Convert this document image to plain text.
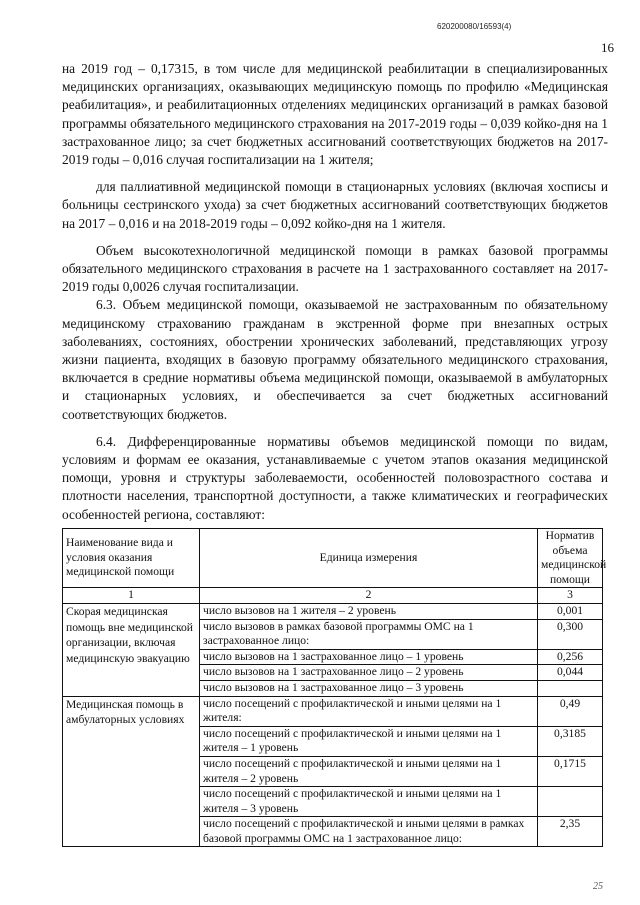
620200080/16593(4)
16

на 2019 год – 0,17315, в том числе для медицинской реабилитации в специализированных медицинских организациях, оказывающих медицинскую помощь по профилю «Медицинская реабилитация», и реабилитационных отделениях медицинских организаций в рамках базовой программы обязательного медицинского страхования на 2017-2019 годы – 0,039 койко-дня на 1 застрахованное лицо; за счет бюджетных ассигнований соответствующих бюджетов на 2017-2019 годы – 0,016 случая госпитализации на 1 жителя;

для паллиативной медицинской помощи в стационарных условиях (включая хосписы и больницы сестринского ухода) за счет бюджетных ассигнований соответствующих бюджетов на 2017 – 0,016 и на 2018-2019 годы – 0,092 койко-дня на 1 жителя.

Объем высокотехнологичной медицинской помощи в рамках базовой программы обязательного медицинского страхования в расчете на 1 застрахованного составляет на 2017-2019 годы 0,0026 случая госпитализации.

6.3. Объем медицинской помощи, оказываемой не застрахованным по обязательному медицинскому страхованию гражданам в экстренной форме при внезапных острых заболеваниях, состояниях, обострении хронических заболеваний, представляющих угрозу жизни пациента, входящих в базовую программу обязательного медицинского страхования, включается в средние нормативы объема медицинской помощи, оказываемой в амбулаторных и стационарных условиях, и обеспечивается за счет бюджетных ассигнований соответствующих бюджетов.

6.4. Дифференцированные нормативы объемов медицинской помощи по видам, условиям и формам ее оказания, устанавливаемые с учетом этапов оказания медицинской помощи, уровня и структуры заболеваемости, особенностей половозрастного состава и плотности населения, транспортной доступности, а также климатических и географических особенностей региона, составляют:

Наименование вида и условия оказания медицинской помощи	Единица измерения	Норматив объема медицинской помощи
1	2	3
Скорая медицинская помощь вне медицинской организации, включая медицинскую эвакуацию	число вызовов на 1 жителя – 2 уровень	0,001
	число вызовов в рамках базовой программы ОМС на 1 застрахованное лицо:	0,300
	число вызовов на 1 застрахованное лицо – 1 уровень	0,256
	число вызовов на 1 застрахованное лицо – 2 уровень	0,044
	число вызовов на 1 застрахованное лицо – 3 уровень	
Медицинская помощь в амбулаторных условиях	число посещений с профилактической и иными целями на 1 жителя:	0,49
	число посещений с профилактической и иными целями на 1 жителя – 1 уровень	0,3185
	число посещений с профилактической и иными целями на 1 жителя – 2 уровень	0,1715
	число посещений с профилактической и иными целями на 1 жителя – 3 уровень	
	число посещений с профилактической и иными целями в рамках базовой программы ОМС на 1 застрахованное лицо:	2,35
25
